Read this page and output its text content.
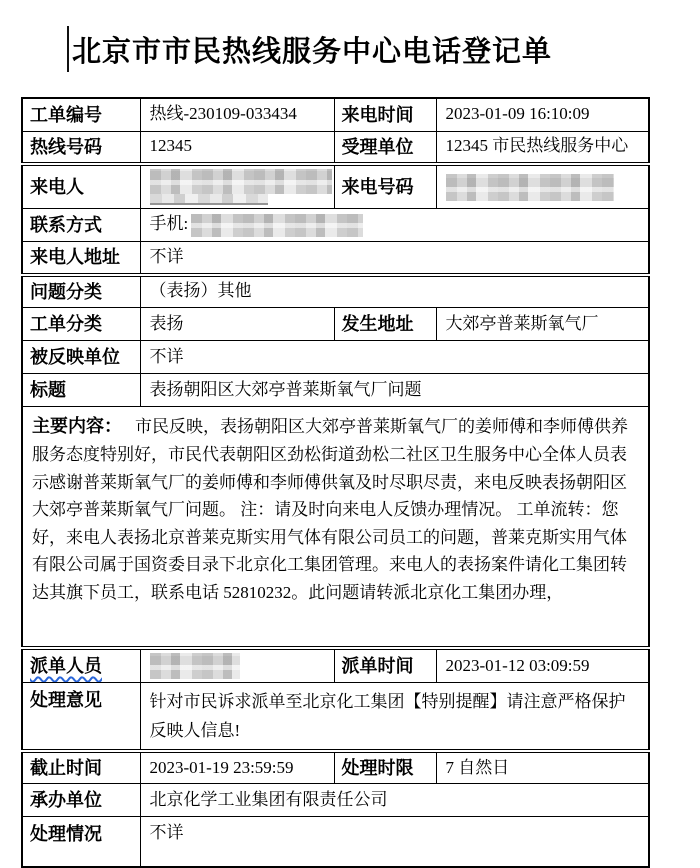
北京市市民热线服务中心电话登记单
工单编号	热线-230109-033434	来电时间	2023-01-09 16:10:09
热线号码	12345	受理单位	12345 市民热线服务中心
来电人		来电号码	
联系方式	手机:		
来电人地址	不详		
问题分类	（表扬）其他		
工单分类	表扬	发生地址	大郊亭普莱斯氧气厂
被反映单位	不详		
标题	表扬朝阳区大郊亭普莱斯氧气厂问题		
主要内容： 市民反映，表扬朝阳区大郊亭普莱斯氧气厂的姜师傅和李师傅供养服务态度特别好，市民代表朝阳区劲松街道劲松二社区卫生服务中心全体人员表示感谢普莱斯氧气厂的姜师傅和李师傅供氧及时尽职尽责，来电反映表扬朝阳区大郊亭普莱斯氧气厂问题。 注：请及时向来电人反馈办理情况。 工单流转：您好，来电人表扬北京普莱克斯实用气体有限公司员工的问题，普莱克斯实用气体有限公司属于国资委目录下北京化工集团管理。来电人的表扬案件请化工集团转达其旗下员工，联系电话 52810232。此问题请转派北京化工集团办理，			
派单人员		派单时间	2023-01-12 03:09:59
处理意见	针对市民诉求派单至北京化工集团【特别提醒】请注意严格保护反映人信息!		
截止时间	2023-01-19 23:59:59	处理时限	7 自然日
承办单位	北京化学工业集团有限责任公司		
处理情况	不详		
